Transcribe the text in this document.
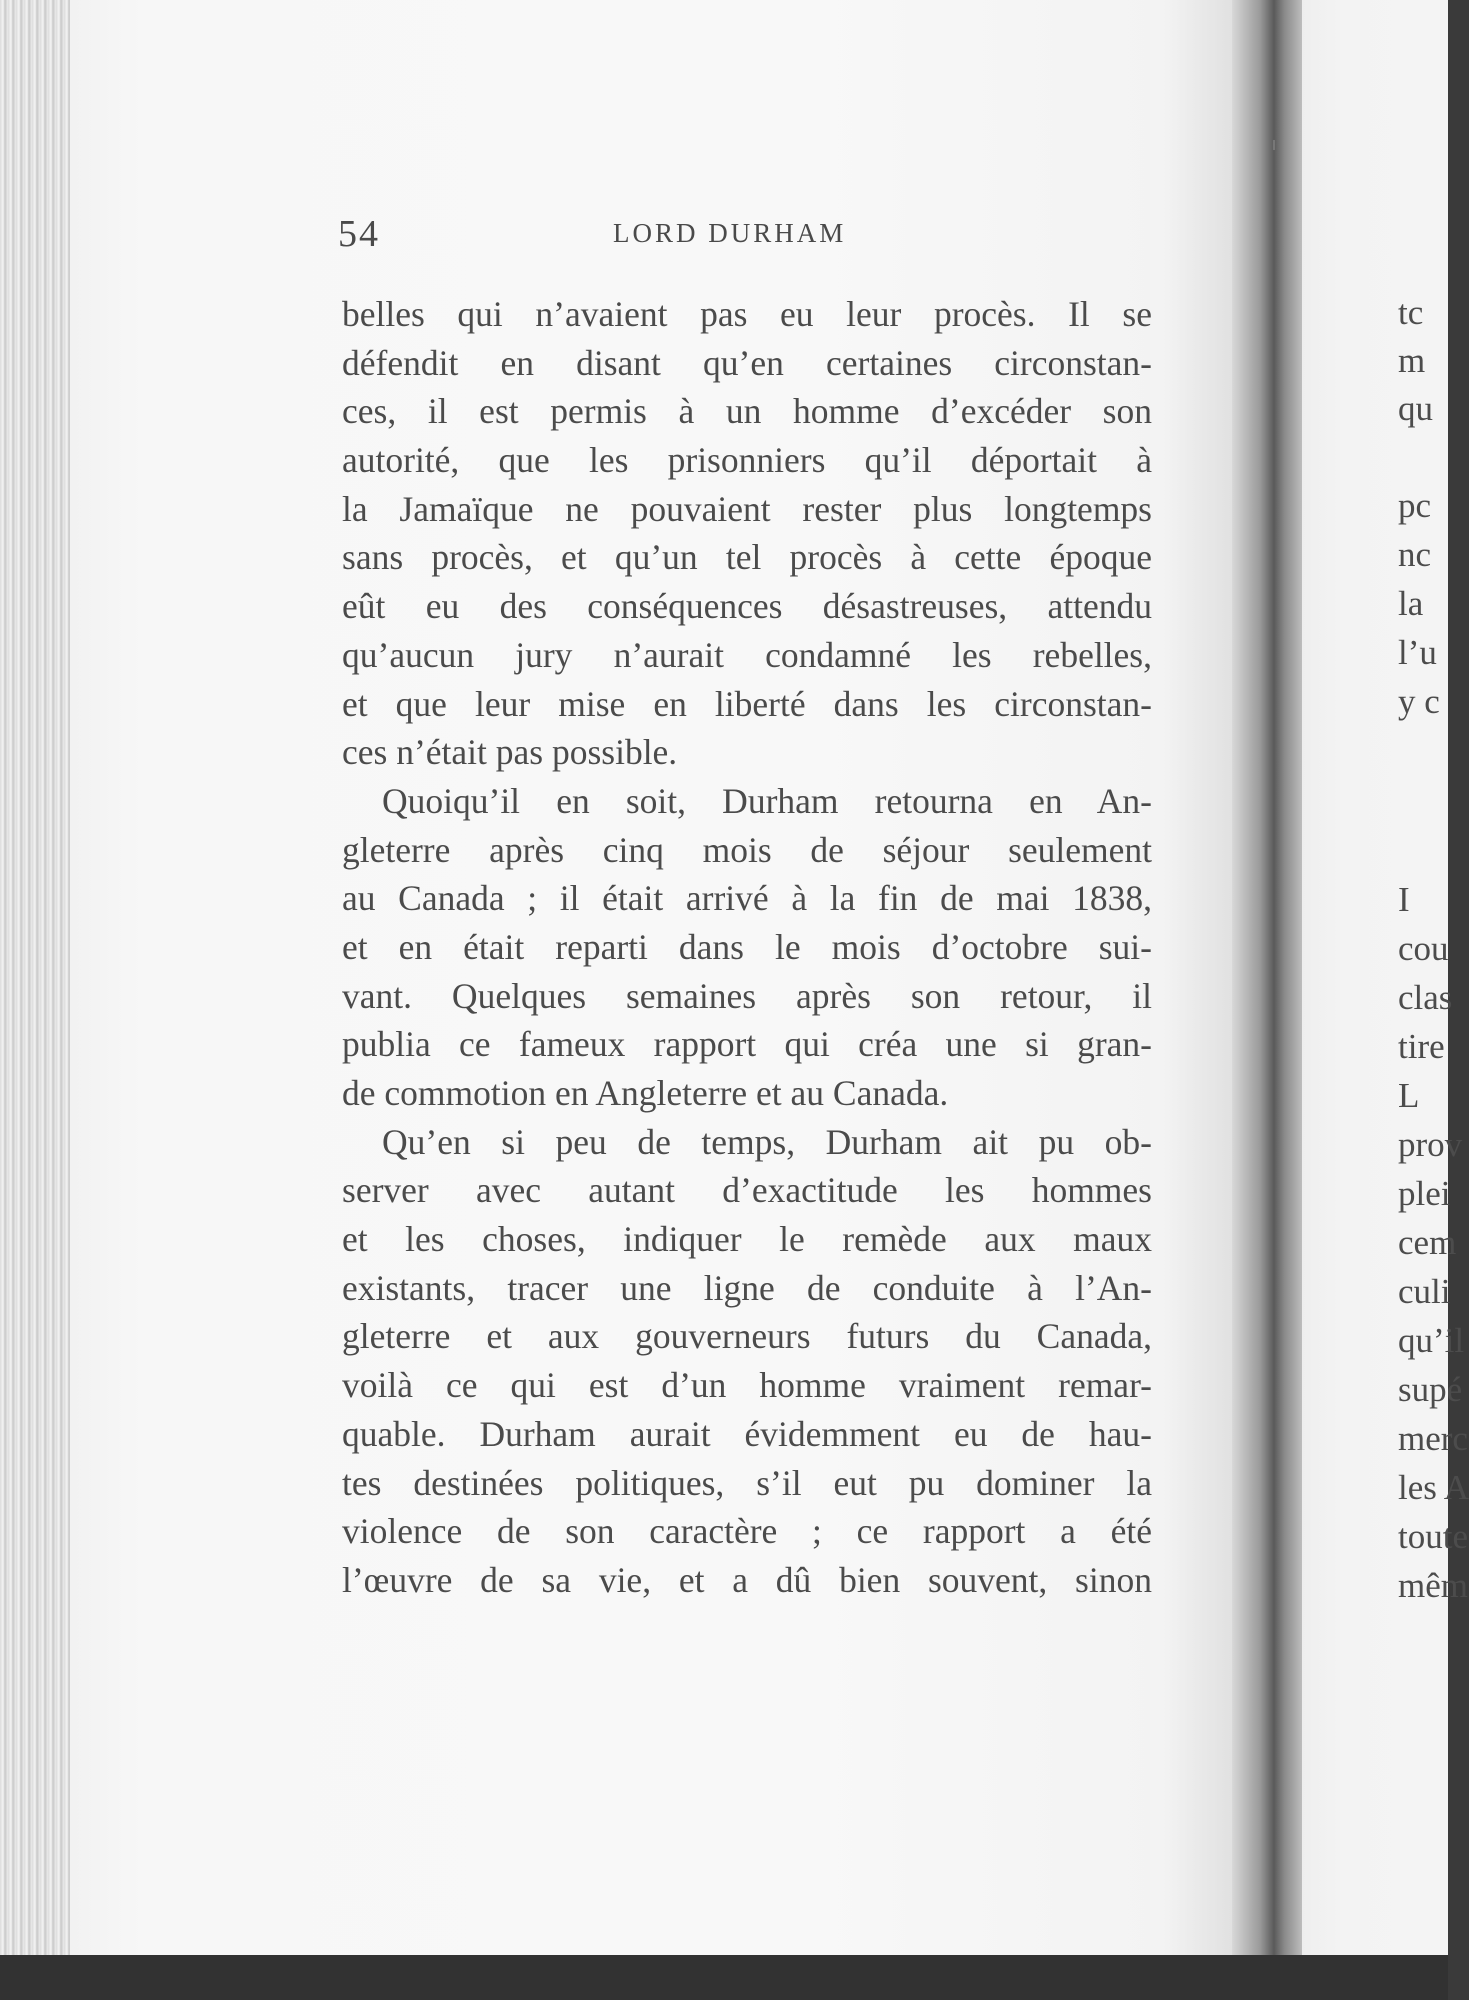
54	LORD DURHAM
belles qui n’avaient pas eu leur procès. Il se
défendit en disant qu’en certaines circonstan-
ces, il est permis à un homme d’excéder son
autorité, que les prisonniers qu’il déportait à
la Jamaïque ne pouvaient rester plus longtemps
sans procès, et qu’un tel procès à cette époque
eût eu des conséquences désastreuses, attendu
qu’aucun jury n’aurait condamné les rebelles,
et que leur mise en liberté dans les circonstan-
ces n’était pas possible.
Quoiqu’il en soit, Durham retourna en An-
gleterre après cinq mois de séjour seulement
au Canada ; il était arrivé à la fin de mai 1838,
et en était reparti dans le mois d’octobre sui-
vant. Quelques semaines après son retour, il
publia ce fameux rapport qui créa une si gran-
de commotion en Angleterre et au Canada.
Qu’en si peu de temps, Durham ait pu ob-
server avec autant d’exactitude les hommes
et les choses, indiquer le remède aux maux
existants, tracer une ligne de conduite à l’An-
gleterre et aux gouverneurs futurs du Canada,
voilà ce qui est d’un homme vraiment remar-
quable. Durham aurait évidemment eu de hau-
tes destinées politiques, s’il eut pu dominer la
violence de son caractère ; ce rapport a été
l’œuvre de sa vie, et a dû bien souvent, sinon
tc
m
qu
pc
nc
la
l’u
y c
I
cou
clas
tire
L
prov
plei
cem
culi
qu’il
supé
merc
les A
toute
mêm
